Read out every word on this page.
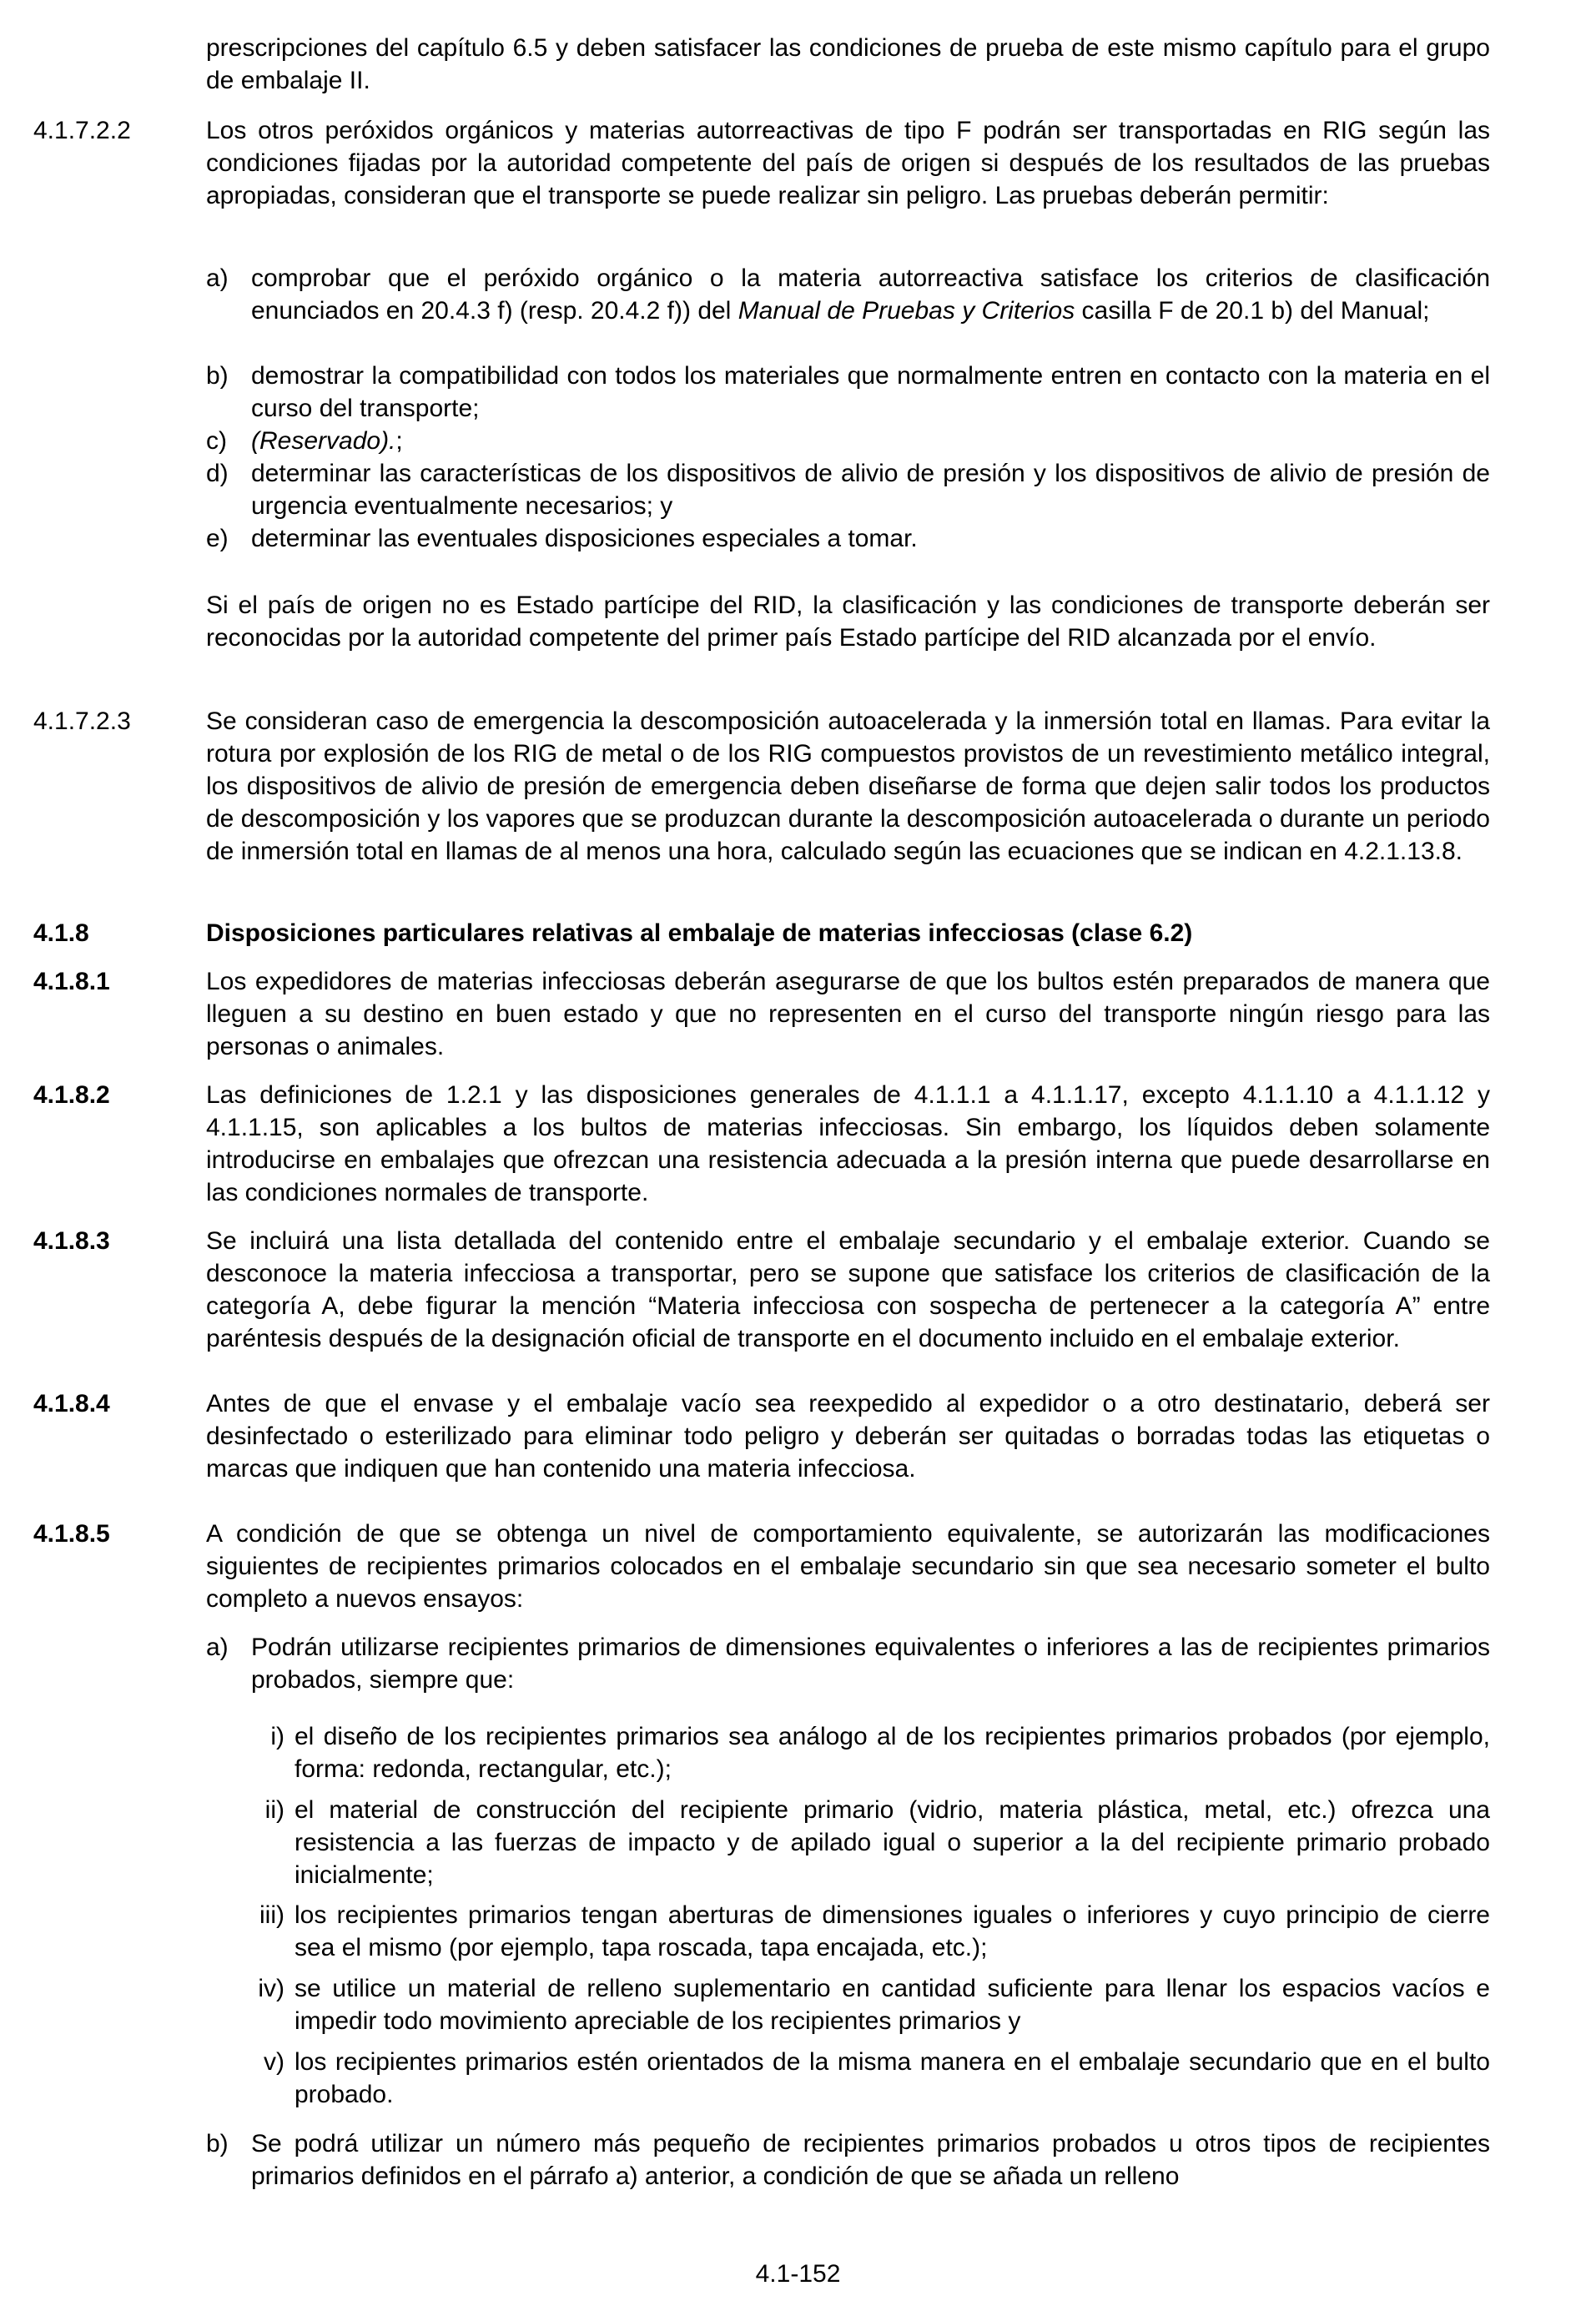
prescripciones del capítulo 6.5 y deben satisfacer las condiciones de prueba de este mismo capítulo para el grupo de embalaje II.
4.1.7.2.2	Los otros peróxidos orgánicos y materias autorreactivas de tipo F podrán ser transportadas en RIG según las condiciones fijadas por la autoridad competente del país de origen si después de los resultados de las pruebas apropiadas, consideran que el transporte se puede realizar sin peligro. Las pruebas deberán permitir:
a) comprobar que el peróxido orgánico o la materia autorreactiva satisface los criterios de clasificación enunciados en 20.4.3 f) (resp. 20.4.2 f)) del Manual de Pruebas y Criterios casilla F de 20.1 b) del Manual;
b) demostrar la compatibilidad con todos los materiales que normalmente entren en contacto con la materia en el curso del transporte;
c) (Reservado).;
d) determinar las características de los dispositivos de alivio de presión y los dispositivos de alivio de presión de urgencia eventualmente necesarios; y
e) determinar las eventuales disposiciones especiales a tomar.
Si el país de origen no es Estado partícipe del RID, la clasificación y las condiciones de transporte deberán ser reconocidas por la autoridad competente del primer país Estado partícipe del RID alcanzada por el envío.
4.1.7.2.3	Se consideran caso de emergencia la descomposición autoacelerada y la inmersión total en llamas. Para evitar la rotura por explosión de los RIG de metal o de los RIG compuestos provistos de un revestimiento metálico integral, los dispositivos de alivio de presión de emergencia deben diseñarse de forma que dejen salir todos los productos de descomposición y los vapores que se produzcan durante la descomposición autoacelerada o durante un periodo de inmersión total en llamas de al menos una hora, calculado según las ecuaciones que se indican en 4.2.1.13.8.
4.1.8	Disposiciones particulares relativas al embalaje de materias infecciosas (clase 6.2)
4.1.8.1	Los expedidores de materias infecciosas deberán asegurarse de que los bultos estén preparados de manera que lleguen a su destino en buen estado y que no representen en el curso del transporte ningún riesgo para las personas o animales.
4.1.8.2	Las definiciones de 1.2.1 y las disposiciones generales de 4.1.1.1 a 4.1.1.17, excepto 4.1.1.10 a 4.1.1.12 y 4.1.1.15, son aplicables a los bultos de materias infecciosas. Sin embargo, los líquidos deben solamente introducirse en embalajes que ofrezcan una resistencia adecuada a la presión interna que puede desarrollarse en las condiciones normales de transporte.
4.1.8.3	Se incluirá una lista detallada del contenido entre el embalaje secundario y el embalaje exterior. Cuando se desconoce la materia infecciosa a transportar, pero se supone que satisface los criterios de clasificación de la categoría A, debe figurar la mención “Materia infecciosa con sospecha de pertenecer a la categoría A” entre paréntesis después de la designación oficial de transporte en el documento incluido en el embalaje exterior.
4.1.8.4	Antes de que el envase y el embalaje vacío sea reexpedido al expedidor o a otro destinatario, deberá ser desinfectado o esterilizado para eliminar todo peligro y deberán ser quitadas o borradas todas las etiquetas o marcas que indiquen que han contenido una materia infecciosa.
4.1.8.5	A condición de que se obtenga un nivel de comportamiento equivalente, se autorizarán las modificaciones siguientes de recipientes primarios colocados en el embalaje secundario sin que sea necesario someter el bulto completo a nuevos ensayos:
a) Podrán utilizarse recipientes primarios de dimensiones equivalentes o inferiores a las de recipientes primarios probados, siempre que:
i) el diseño de los recipientes primarios sea análogo al de los recipientes primarios probados (por ejemplo, forma: redonda, rectangular, etc.);
ii) el material de construcción del recipiente primario (vidrio, materia plástica, metal, etc.) ofrezca una resistencia a las fuerzas de impacto y de apilado igual o superior a la del recipiente primario probado inicialmente;
iii) los recipientes primarios tengan aberturas de dimensiones iguales o inferiores y cuyo principio de cierre sea el mismo (por ejemplo, tapa roscada, tapa encajada, etc.);
iv) se utilice un material de relleno suplementario en cantidad suficiente para llenar los espacios vacíos e impedir todo movimiento apreciable de los recipientes primarios y
v) los recipientes primarios estén orientados de la misma manera en el embalaje secundario que en el bulto probado.
b) Se podrá utilizar un número más pequeño de recipientes primarios probados u otros tipos de recipientes primarios definidos en el párrafo a) anterior, a condición de que se añada un relleno
4.1-152
